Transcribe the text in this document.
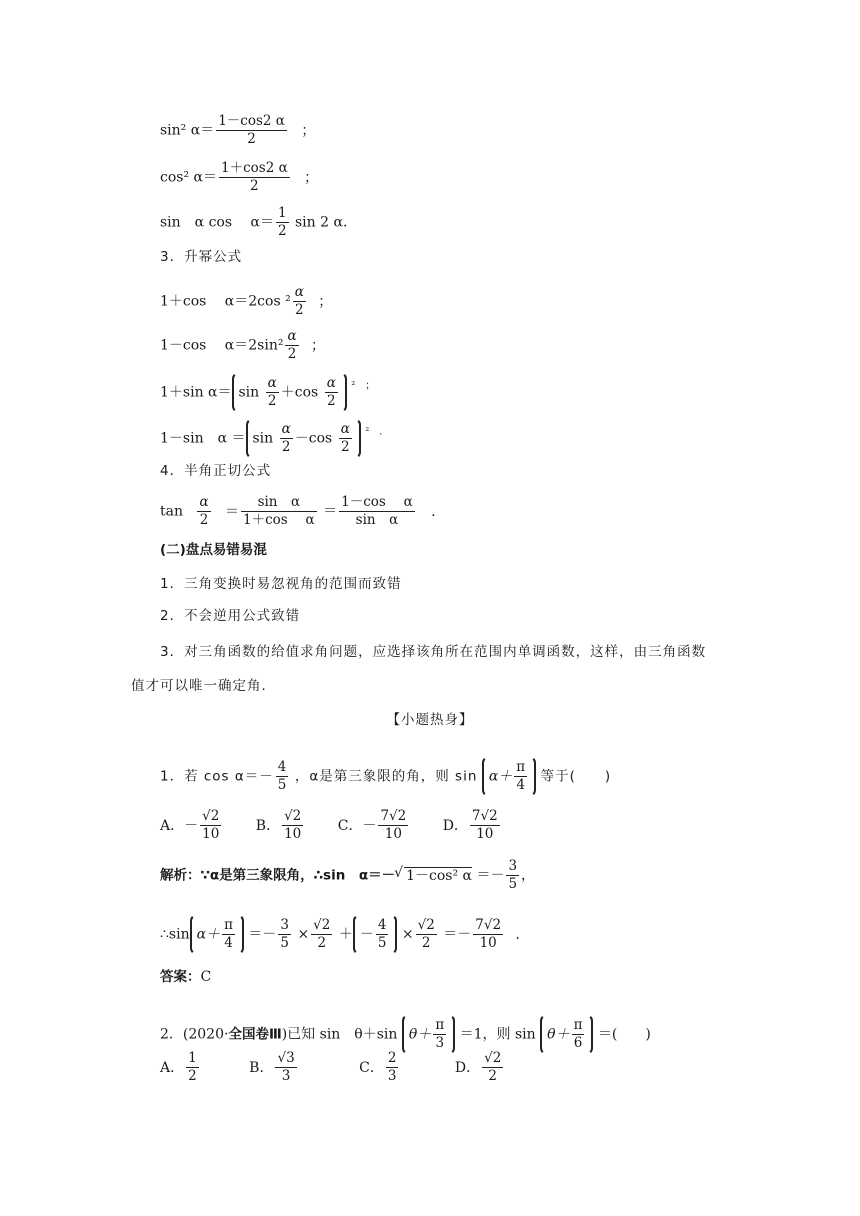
sin² $\alpha= \frac{1-\cos 2 \alpha}{2}$ ；
cos² $\alpha= \frac{1+\cos 2 \alpha}{2}$ ；
sin　α cos　 $\alpha= \frac{1}{2}$ sin 2 α．
3．升幂公式
1＋cos　 α＝2cos $^2 \frac{\alpha}{2}$ ；
1－cos　 $\alpha=2\sin^2 \frac{\alpha}{2}$ ；
1＋sin $\alpha= \sin \frac{\alpha}{2} +\cos \frac{\alpha}{2} ^{^2 ;}$
1－sin　$\alpha = \sin \frac{\alpha}{2} -\cos \frac{\alpha}{2} ^{^2 .}$
4．半角正切公式
$\tan \frac{\alpha}{2} = \frac{\text{sin　α}}{\text{1＋cos　 α}} = \frac{\text{1－cos　 α}}{\text{sin　α}}$ ．
(二)盘点易错易混
1．三角变换时易忽视角的范围而致错
2．不会逆用公式致错
3．对三角函数的给值求角问题，应选择该角所在范围内单调函数，这样，由三角函数
值才可以唯一确定角．
【小题热身】
1．若 $\cos \alpha=- \frac{4}{5}$ ，α是第三象限的角，则 $\sin \alpha+ \frac{\pi}{4}$ 等于(　　)
A．－ $\frac{√2}{10}$ B． $\frac{√2}{10}$ C．－ $\frac{7√2}{10}$ D． $\frac{7√2}{10}$
解析：∵α是第三象限角，∴sin　α＝－√ 1－cos² $\alpha =- \frac{3}{5}$ ，
∴sin $\alpha+ \frac{\pi}{4} =- \frac{3}{5} \times \frac{√2}{2}$ ＋ － $\frac{4}{5} \times \frac{√2}{2} =- \frac{7√2}{10}$ ．
答案：C
2．(2020·全国卷Ⅲ)已知 sin　θ＋sin $\theta+ \frac{\pi}{3} =1$，则 $\sin \theta+ \frac{\pi}{6}$ ＝(　　)
A． $\frac{1}{2}$	B． $\frac{√3}{3}$	C． $\frac{2}{3}$	D． $\frac{√2}{2}$
